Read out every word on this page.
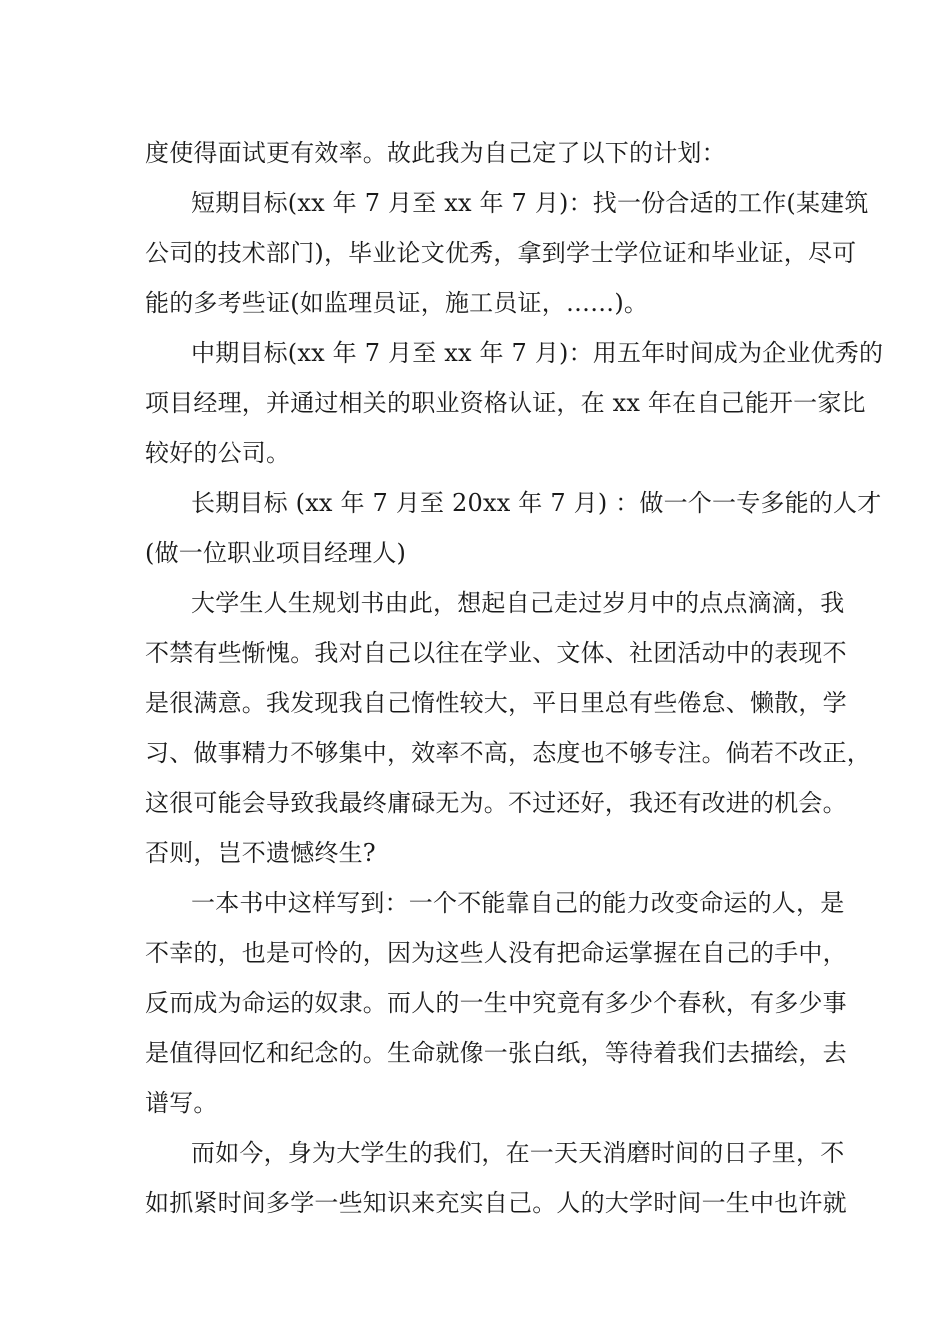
度使得面试更有效率。故此我为自己定了以下的计划：
短期目标(xx 年 7 月至 xx 年 7 月)：找一份合适的工作(某建筑
公司的技术部门)，毕业论文优秀，拿到学士学位证和毕业证，尽可
能的多考些证(如监理员证，施工员证，……)。
中期目标(xx 年 7 月至 xx 年 7 月)：用五年时间成为企业优秀的
项目经理，并通过相关的职业资格认证，在 xx 年在自己能开一家比
较好的公司。
长期目标 (xx 年 7 月至 20xx 年 7 月) ：做一个一专多能的人才
(做一位职业项目经理人)
大学生人生规划书由此，想起自己走过岁月中的点点滴滴，我
不禁有些惭愧。我对自己以往在学业、文体、社团活动中的表现不
是很满意。我发现我自己惰性较大，平日里总有些倦怠、懒散，学
习、做事精力不够集中，效率不高，态度也不够专注。倘若不改正，
这很可能会导致我最终庸碌无为。不过还好，我还有改进的机会。
否则，岂不遗憾终生?
一本书中这样写到：一个不能靠自己的能力改变命运的人，是
不幸的，也是可怜的，因为这些人没有把命运掌握在自己的手中，
反而成为命运的奴隶。而人的一生中究竟有多少个春秋，有多少事
是值得回忆和纪念的。生命就像一张白纸，等待着我们去描绘，去
谱写。
而如今，身为大学生的我们，在一天天消磨时间的日子里，不
如抓紧时间多学一些知识来充实自己。人的大学时间一生中也许就
